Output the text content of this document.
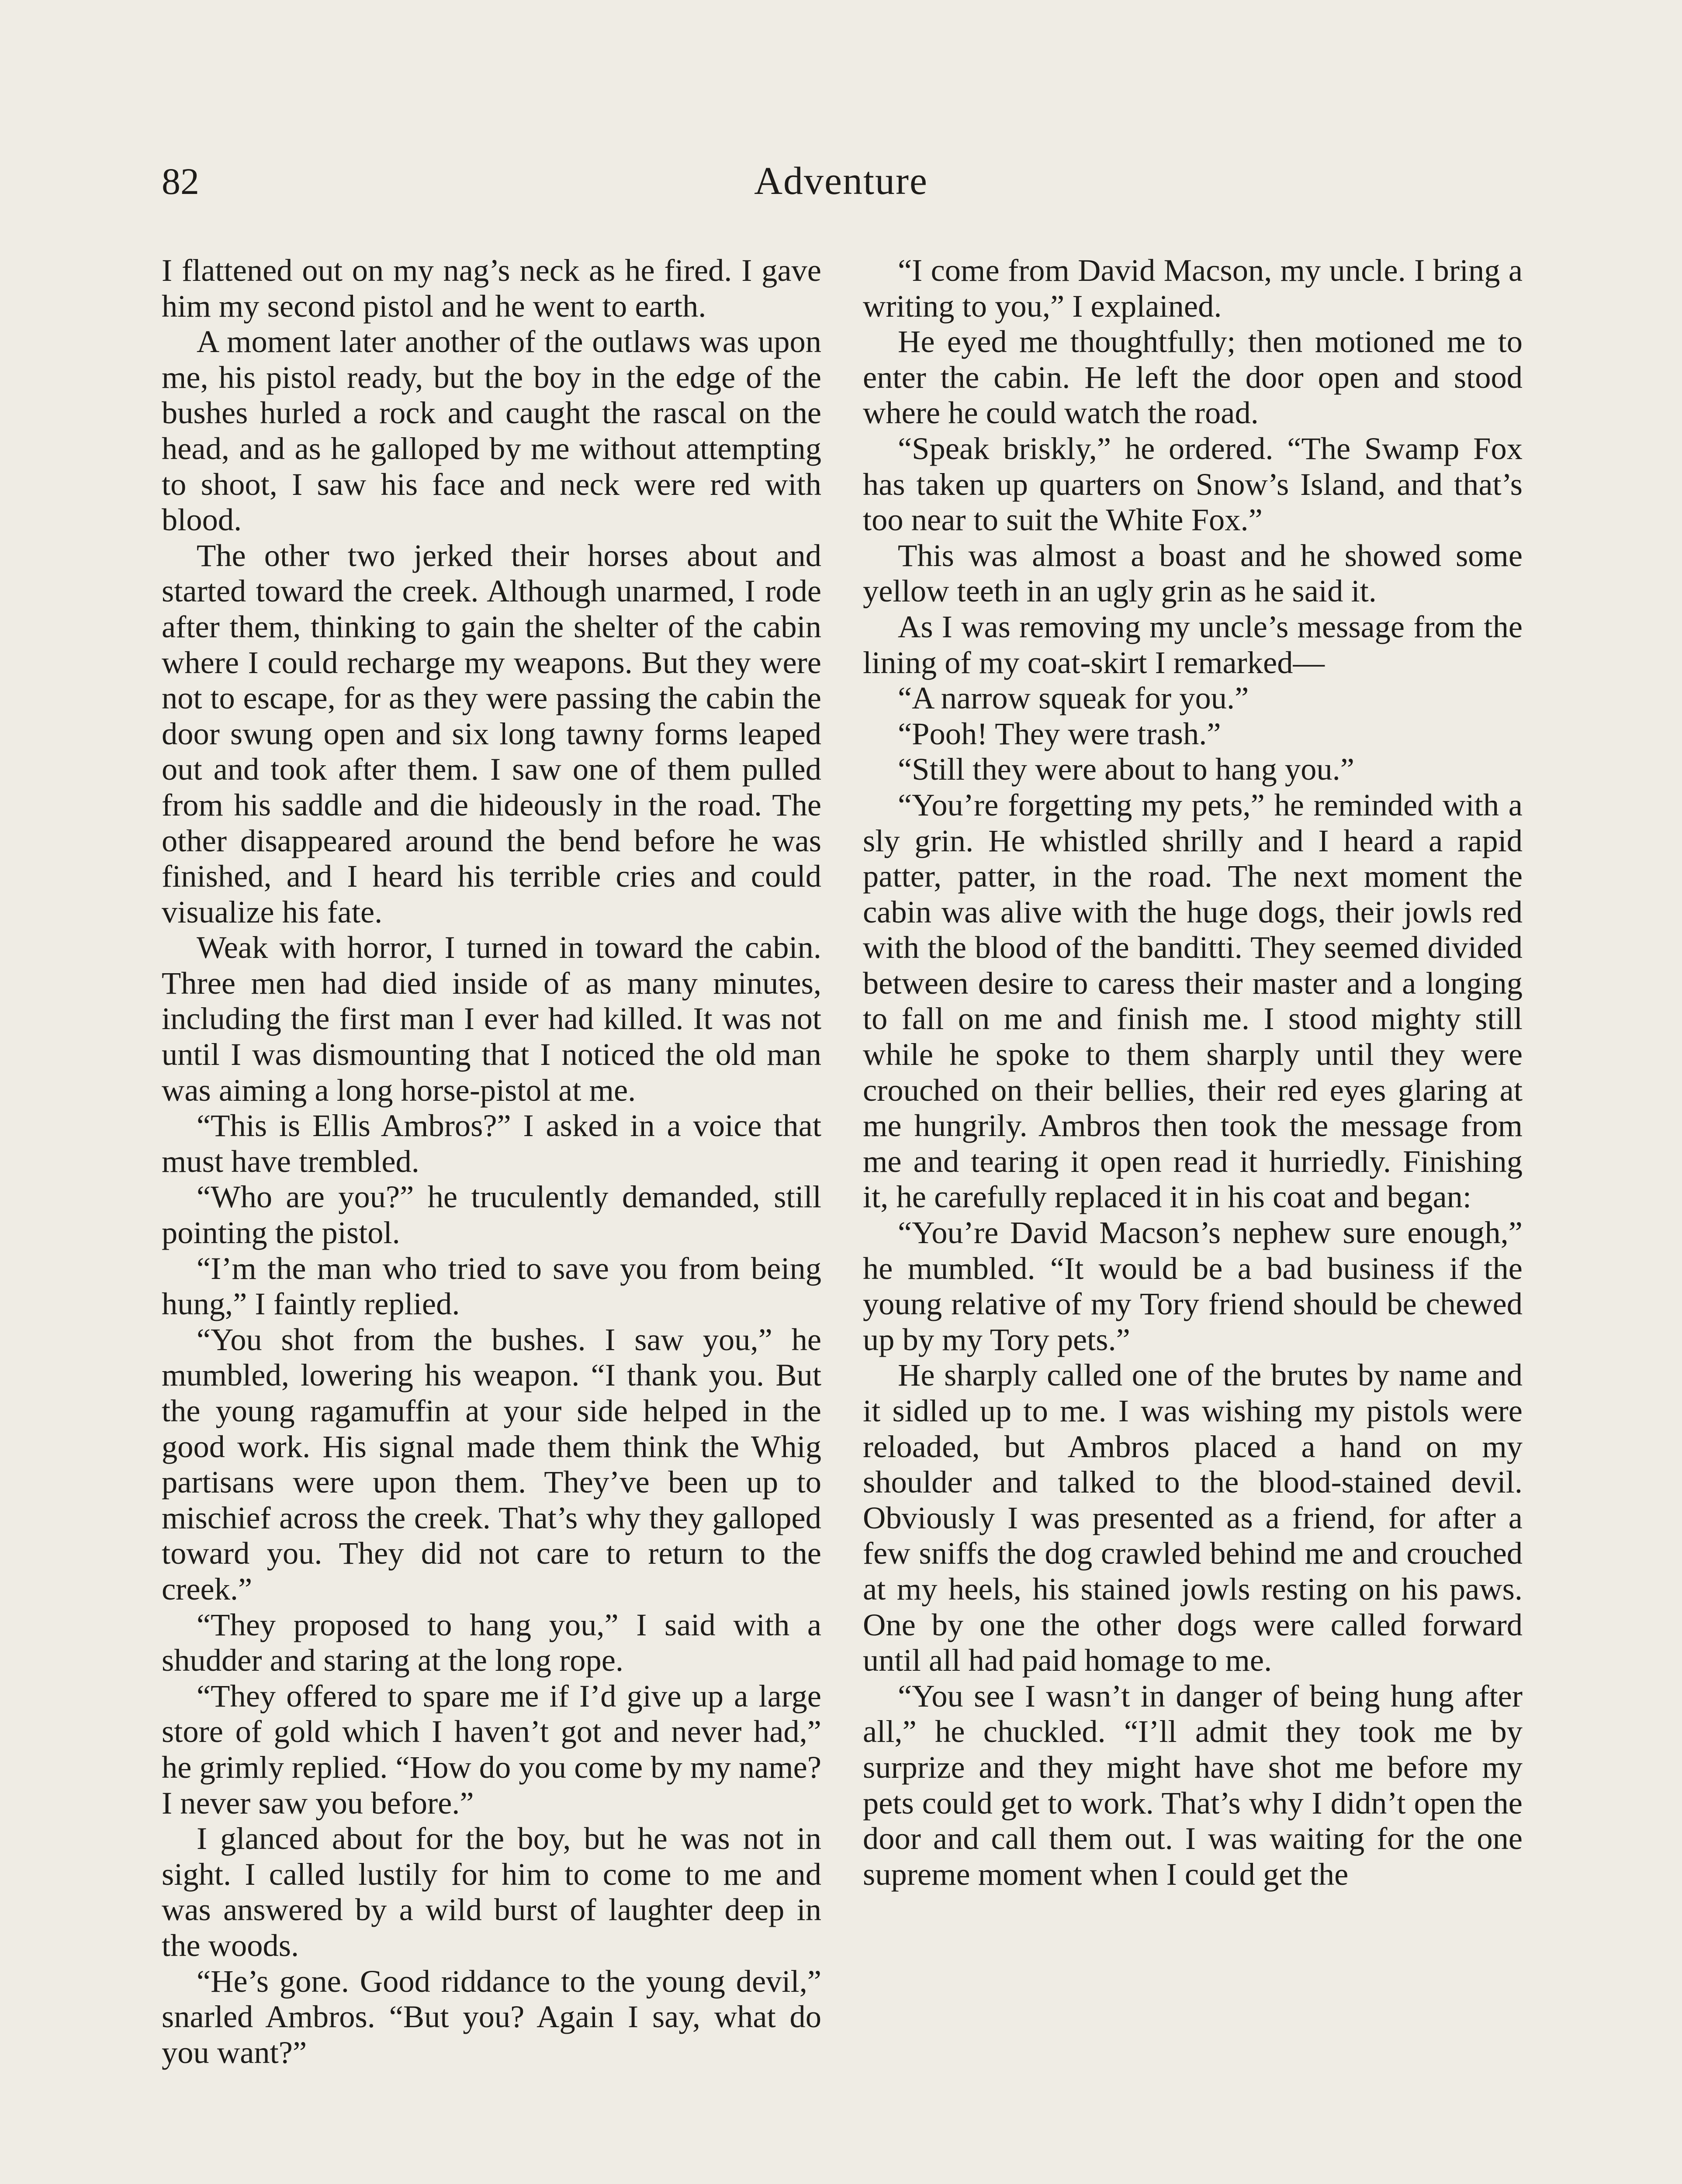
Adventure
82

I flattened out on my nag’s neck as he fired. I gave him my second pistol and he went to earth.

A moment later another of the outlaws was upon me, his pistol ready, but the boy in the edge of the bushes hurled a rock and caught the rascal on the head, and as he galloped by me without attempting to shoot, I saw his face and neck were red with blood.

The other two jerked their horses about and started toward the creek. Although unarmed, I rode after them, thinking to gain the shelter of the cabin where I could recharge my weapons. But they were not to escape, for as they were passing the cabin the door swung open and six long tawny forms leaped out and took after them. I saw one of them pulled from his saddle and die hideously in the road. The other disappeared around the bend before he was finished, and I heard his terrible cries and could visualize his fate.

Weak with horror, I turned in toward the cabin. Three men had died inside of as many minutes, including the first man I ever had killed. It was not until I was dismounting that I noticed the old man was aiming a long horse-pistol at me.

“This is Ellis Ambros?” I asked in a voice that must have trembled.

“Who are you?” he truculently demanded, still pointing the pistol.

“I’m the man who tried to save you from being hung,” I faintly replied.

“You shot from the bushes. I saw you,” he mumbled, lowering his weapon. “I thank you. But the young ragamuffin at your side helped in the good work. His signal made them think the Whig partisans were upon them. They’ve been up to mischief across the creek. That’s why they galloped toward you. They did not care to return to the creek.”

“They proposed to hang you,” I said with a shudder and staring at the long rope.

“They offered to spare me if I’d give up a large store of gold which I haven’t got and never had,” he grimly replied. “How do you come by my name? I never saw you before.”

I glanced about for the boy, but he was not in sight. I called lustily for him to come to me and was answered by a wild burst of laughter deep in the woods.

“He’s gone. Good riddance to the young devil,” snarled Ambros. “But you? Again I say, what do you want?”

“I come from David Macson, my uncle. I bring a writing to you,” I explained.

He eyed me thoughtfully; then motioned me to enter the cabin. He left the door open and stood where he could watch the road.

“Speak briskly,” he ordered. “The Swamp Fox has taken up quarters on Snow’s Island, and that’s too near to suit the White Fox.”

This was almost a boast and he showed some yellow teeth in an ugly grin as he said it.

As I was removing my uncle’s message from the lining of my coat-skirt I remarked—

“A narrow squeak for you.”

“Pooh! They were trash.”

“Still they were about to hang you.”

“You’re forgetting my pets,” he reminded with a sly grin. He whistled shrilly and I heard a rapid patter, patter, in the road. The next moment the cabin was alive with the huge dogs, their jowls red with the blood of the banditti. They seemed divided between desire to caress their master and a longing to fall on me and finish me. I stood mighty still while he spoke to them sharply until they were crouched on their bellies, their red eyes glaring at me hungrily. Ambros then took the message from me and tearing it open read it hurriedly. Finishing it, he carefully replaced it in his coat and began:

“You’re David Macson’s nephew sure enough,” he mumbled. “It would be a bad business if the young relative of my Tory friend should be chewed up by my Tory pets.”

He sharply called one of the brutes by name and it sidled up to me. I was wishing my pistols were reloaded, but Ambros placed a hand on my shoulder and talked to the blood-stained devil. Obviously I was presented as a friend, for after a few sniffs the dog crawled behind me and crouched at my heels, his stained jowls resting on his paws. One by one the other dogs were called forward until all had paid homage to me.

“You see I wasn’t in danger of being hung after all,” he chuckled. “I’ll admit they took me by surprize and they might have shot me before my pets could get to work. That’s why I didn’t open the door and call them out. I was waiting for the one supreme moment when I could get the
